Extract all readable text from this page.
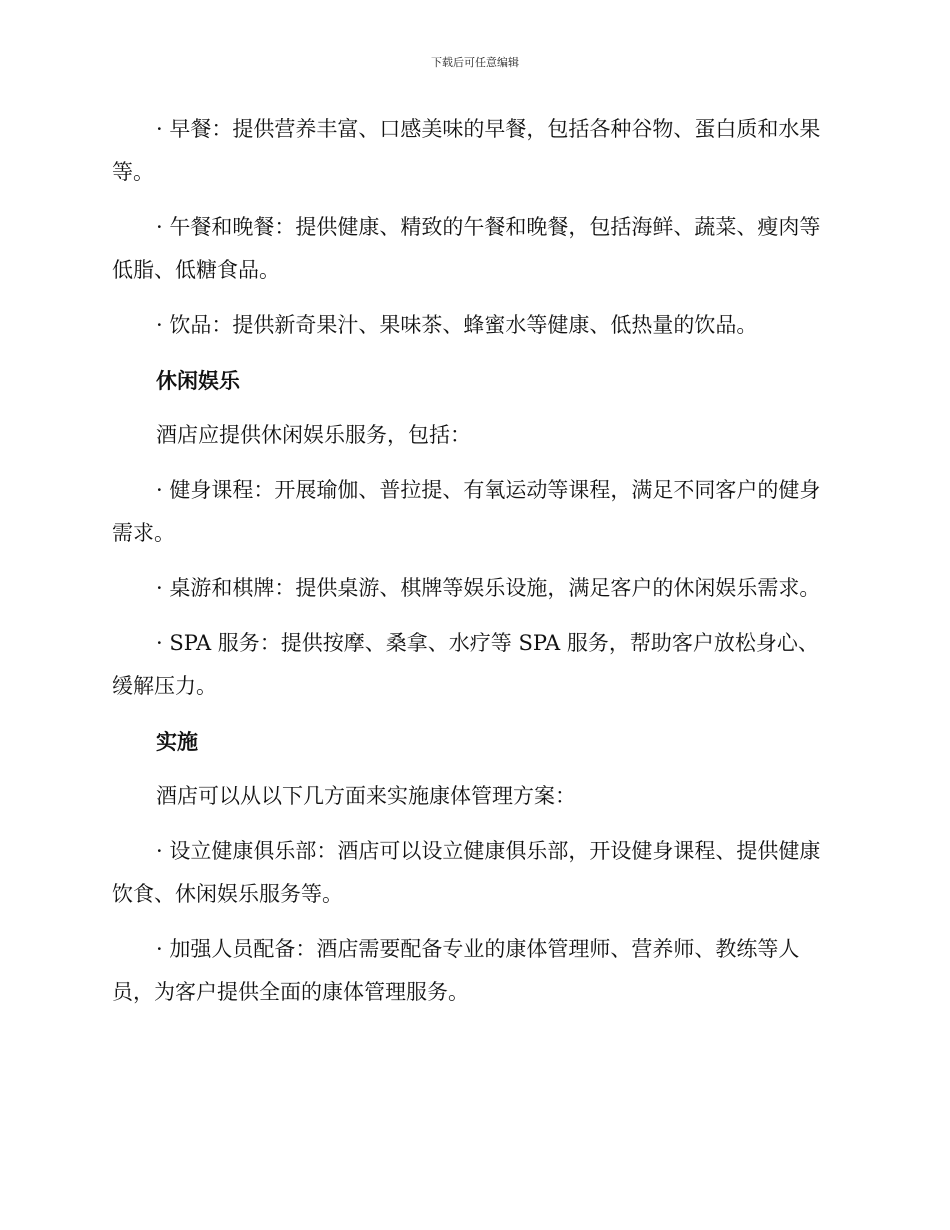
下载后可任意编辑

· 早餐：提供营养丰富、口感美味的早餐，包括各种谷物、蛋白质和水果等。

· 午餐和晚餐：提供健康、精致的午餐和晚餐，包括海鲜、蔬菜、瘦肉等低脂、低糖食品。

· 饮品：提供新奇果汁、果味茶、蜂蜜水等健康、低热量的饮品。

休闲娱乐

酒店应提供休闲娱乐服务，包括：

· 健身课程：开展瑜伽、普拉提、有氧运动等课程，满足不同客户的健身需求。

· 桌游和棋牌：提供桌游、棋牌等娱乐设施，满足客户的休闲娱乐需求。

· SPA 服务：提供按摩、桑拿、水疗等 SPA 服务，帮助客户放松身心、缓解压力。

实施

酒店可以从以下几方面来实施康体管理方案：

· 设立健康俱乐部：酒店可以设立健康俱乐部，开设健身课程、提供健康饮食、休闲娱乐服务等。

· 加强人员配备：酒店需要配备专业的康体管理师、营养师、教练等人员，为客户提供全面的康体管理服务。
